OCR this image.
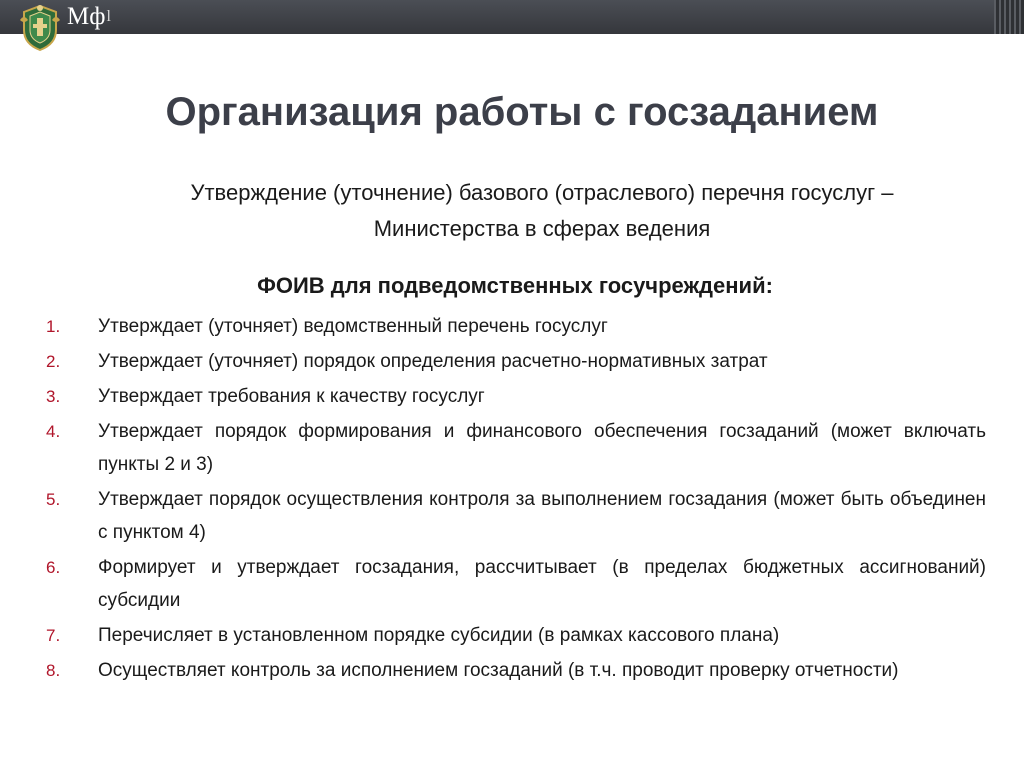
Мфl
Организация работы с госзаданием
Утверждение (уточнение) базового (отраслевого) перечня госуслуг –
Министерства в сферах ведения
ФОИВ для подведомственных госучреждений:
1. Утверждает (уточняет) ведомственный перечень госуслуг
2. Утверждает (уточняет) порядок определения расчетно-нормативных затрат
3. Утверждает требования к качеству госуслуг
4. Утверждает порядок формирования и финансового обеспечения госзаданий (может включать пункты 2 и 3)
5. Утверждает порядок осуществления контроля за выполнением госзадания (может быть объединен с пунктом 4)
6. Формирует и утверждает госзадания, рассчитывает (в пределах бюджетных ассигнований) субсидии
7. Перечисляет в установленном порядке субсидии (в рамках кассового плана)
8. Осуществляет контроль за исполнением госзаданий (в т.ч. проводит проверку отчетности)
